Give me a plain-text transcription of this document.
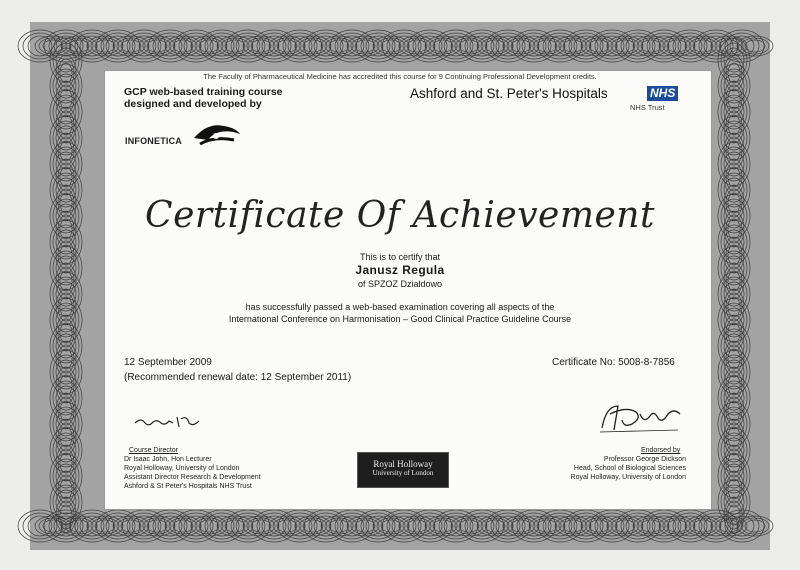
The Faculty of Pharmaceutical Medicine has accredited this course for 9 Continuing Professional Development credits.
GCP web-based training course
designed and developed by
INFONETICA
Ashford and St. Peter's Hospitals	NHS
NHS Trust
Certificate Of Achievement
This is to certify that
Janusz Regula
of SPZOZ Dzialdowo
has successfully passed a web-based examination covering all aspects of the
International Conference on Harmonisation – Good Clinical Practice Guideline Course
12 September 2009
(Recommended renewal date: 12 September 2011)
Certificate No: 5008-8-7856
Course Director
Dr Isaac John, Hon Lecturer
Royal Holloway, University of London
Assistant Director Research & Development
Ashford & St Peter's Hospitals NHS Trust
Royal Holloway
University of London
Endorsed by
Professor George Dickson
Head, School of Biological Sciences
Royal Holloway, University of London
